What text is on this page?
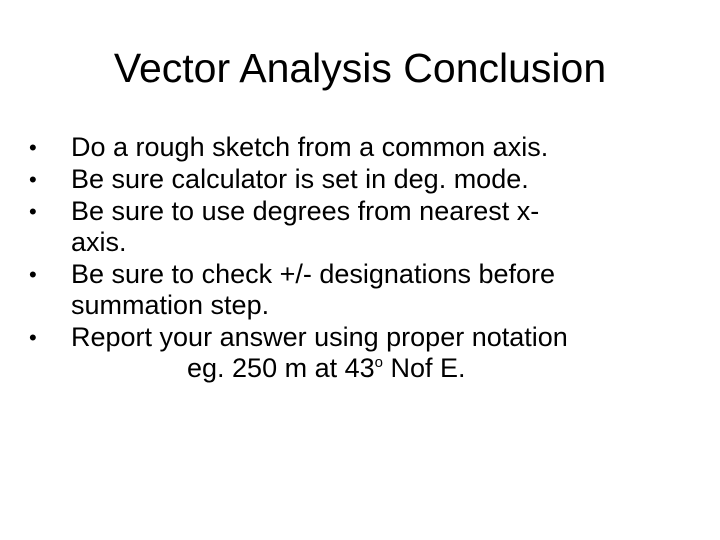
Vector Analysis Conclusion
• Do a rough sketch from a common axis.
• Be sure calculator is set in deg. mode.
• Be sure to use degrees from nearest x-
axis.
• Be sure to check +/- designations before
summation step.
• Report your answer using proper notation
eg. 250 m at 43$^o$ Nof E.
